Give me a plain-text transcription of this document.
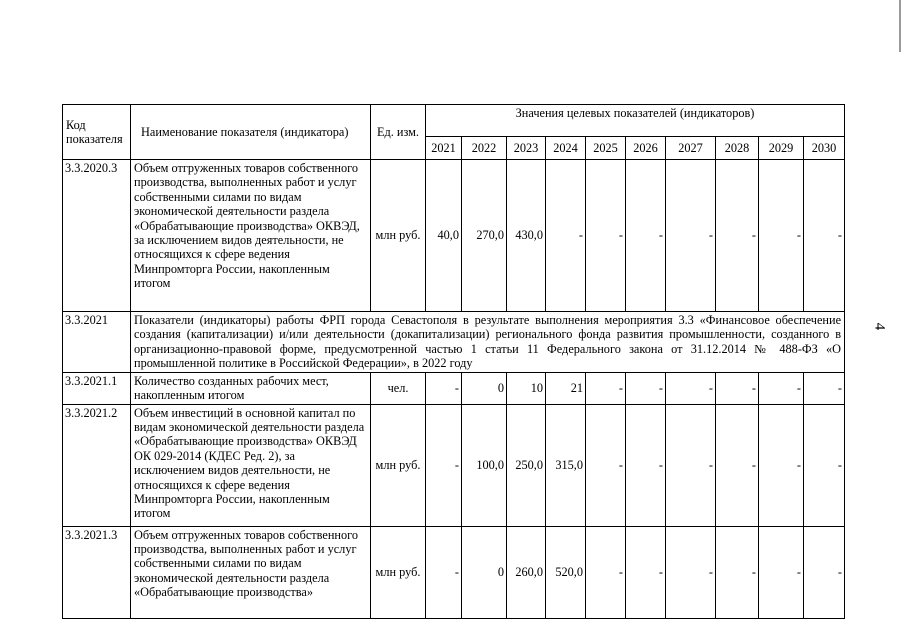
4
Код показателя	Наименование показателя (индикатора)	Ед. изм.	Значения целевых показателей (индикаторов)									
			2021	2022	2023	2024	2025	2026	2027	2028	2029	2030
3.3.2020.3	Объем отгруженных товаров собственного производства, выполненных работ и услуг собственными силами по видам экономической деятельности раздела «Обрабатывающие производства» ОКВЭД, за исключением видов деятельности, не относящихся к сфере ведения Минпромторга России, накопленным итогом	млн руб.	40,0	270,0	430,0	-	-	-	-	-	-	-
3.3.2021	Показатели (индикаторы) работы ФРП города Севастополя в результате выполнения мероприятия 3.3 «Финансовое обеспечение создания (капитализации) и/или деятельности (докапитализации) регионального фонда развития промышленности, созданного в организационно-правовой форме, предусмотренной частью 1 статьи 11 Федерального закона от 31.12.2014 № 488-ФЗ «О промышленной политике в Российской Федерации», в 2022 году											
3.3.2021.1	Количество созданных рабочих мест, накопленным итогом	чел.	-	0	10	21	-	-	-	-	-	-
3.3.2021.2	Объем инвестиций в основной капитал по видам экономической деятельности раздела «Обрабатывающие производства» ОКВЭД ОК 029-2014 (КДЕС Ред. 2), за исключением видов деятельности, не относящихся к сфере ведения Минпромторга России, накопленным итогом	млн руб.	-	100,0	250,0	315,0	-	-	-	-	-	-
3.3.2021.3	Объем отгруженных товаров собственного производства, выполненных работ и услуг собственными силами по видам экономической деятельности раздела «Обрабатывающие производства»	млн руб.	-	0	260,0	520,0	-	-	-	-	-	-
